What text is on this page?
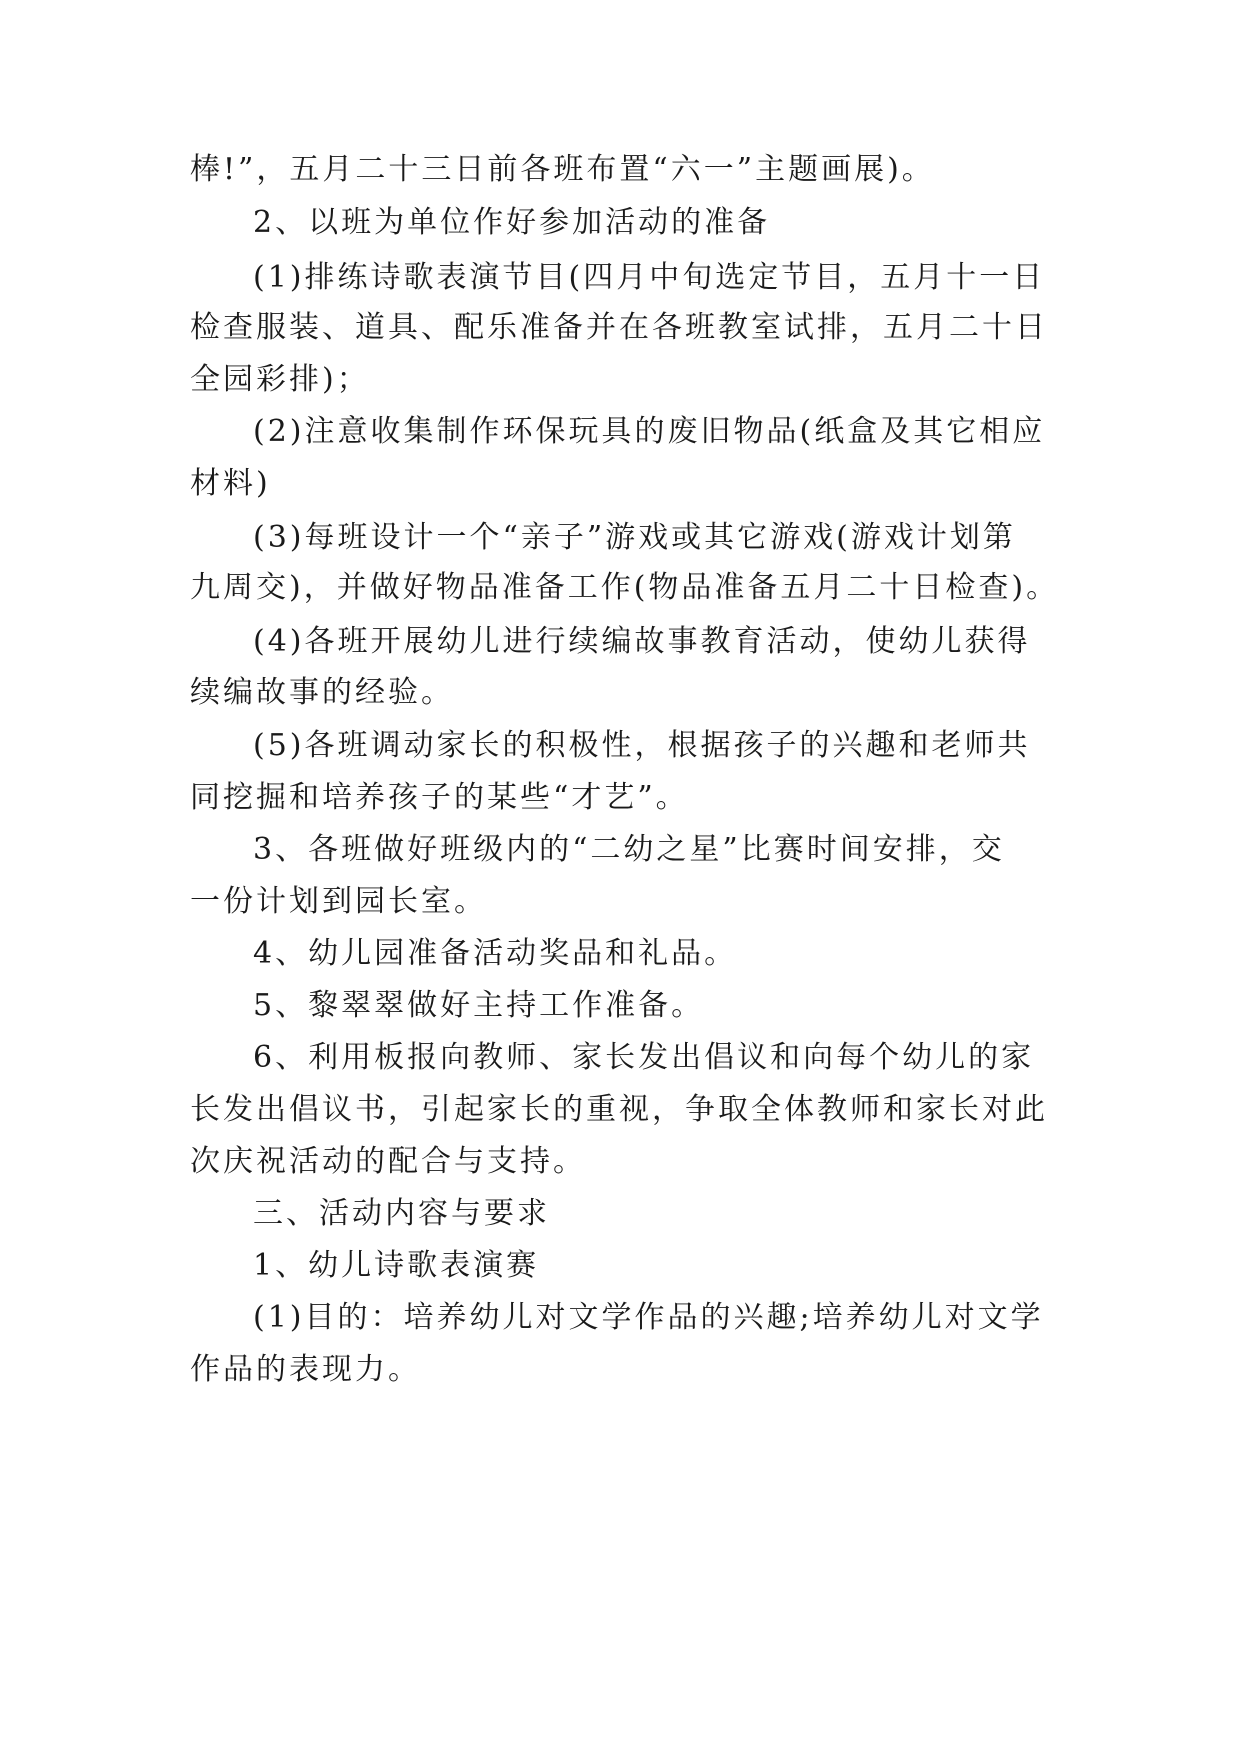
棒!”，五月二十三日前各班布置“六一”主题画展)。
2、以班为单位作好参加活动的准备
(1)排练诗歌表演节目(四月中旬选定节目，五月十一日
检查服装、道具、配乐准备并在各班教室试排，五月二十日
全园彩排)；
(2)注意收集制作环保玩具的废旧物品(纸盒及其它相应
材料)
(3)每班设计一个“亲子”游戏或其它游戏(游戏计划第
九周交)，并做好物品准备工作(物品准备五月二十日检查)。
(4)各班开展幼儿进行续编故事教育活动，使幼儿获得
续编故事的经验。
(5)各班调动家长的积极性，根据孩子的兴趣和老师共
同挖掘和培养孩子的某些“才艺”。
3、各班做好班级内的“二幼之星”比赛时间安排，交
一份计划到园长室。
4、幼儿园准备活动奖品和礼品。
5、黎翠翠做好主持工作准备。
6、利用板报向教师、家长发出倡议和向每个幼儿的家
长发出倡议书，引起家长的重视，争取全体教师和家长对此
次庆祝活动的配合与支持。
三、活动内容与要求
1、幼儿诗歌表演赛
(1)目的：培养幼儿对文学作品的兴趣;培养幼儿对文学
作品的表现力。
